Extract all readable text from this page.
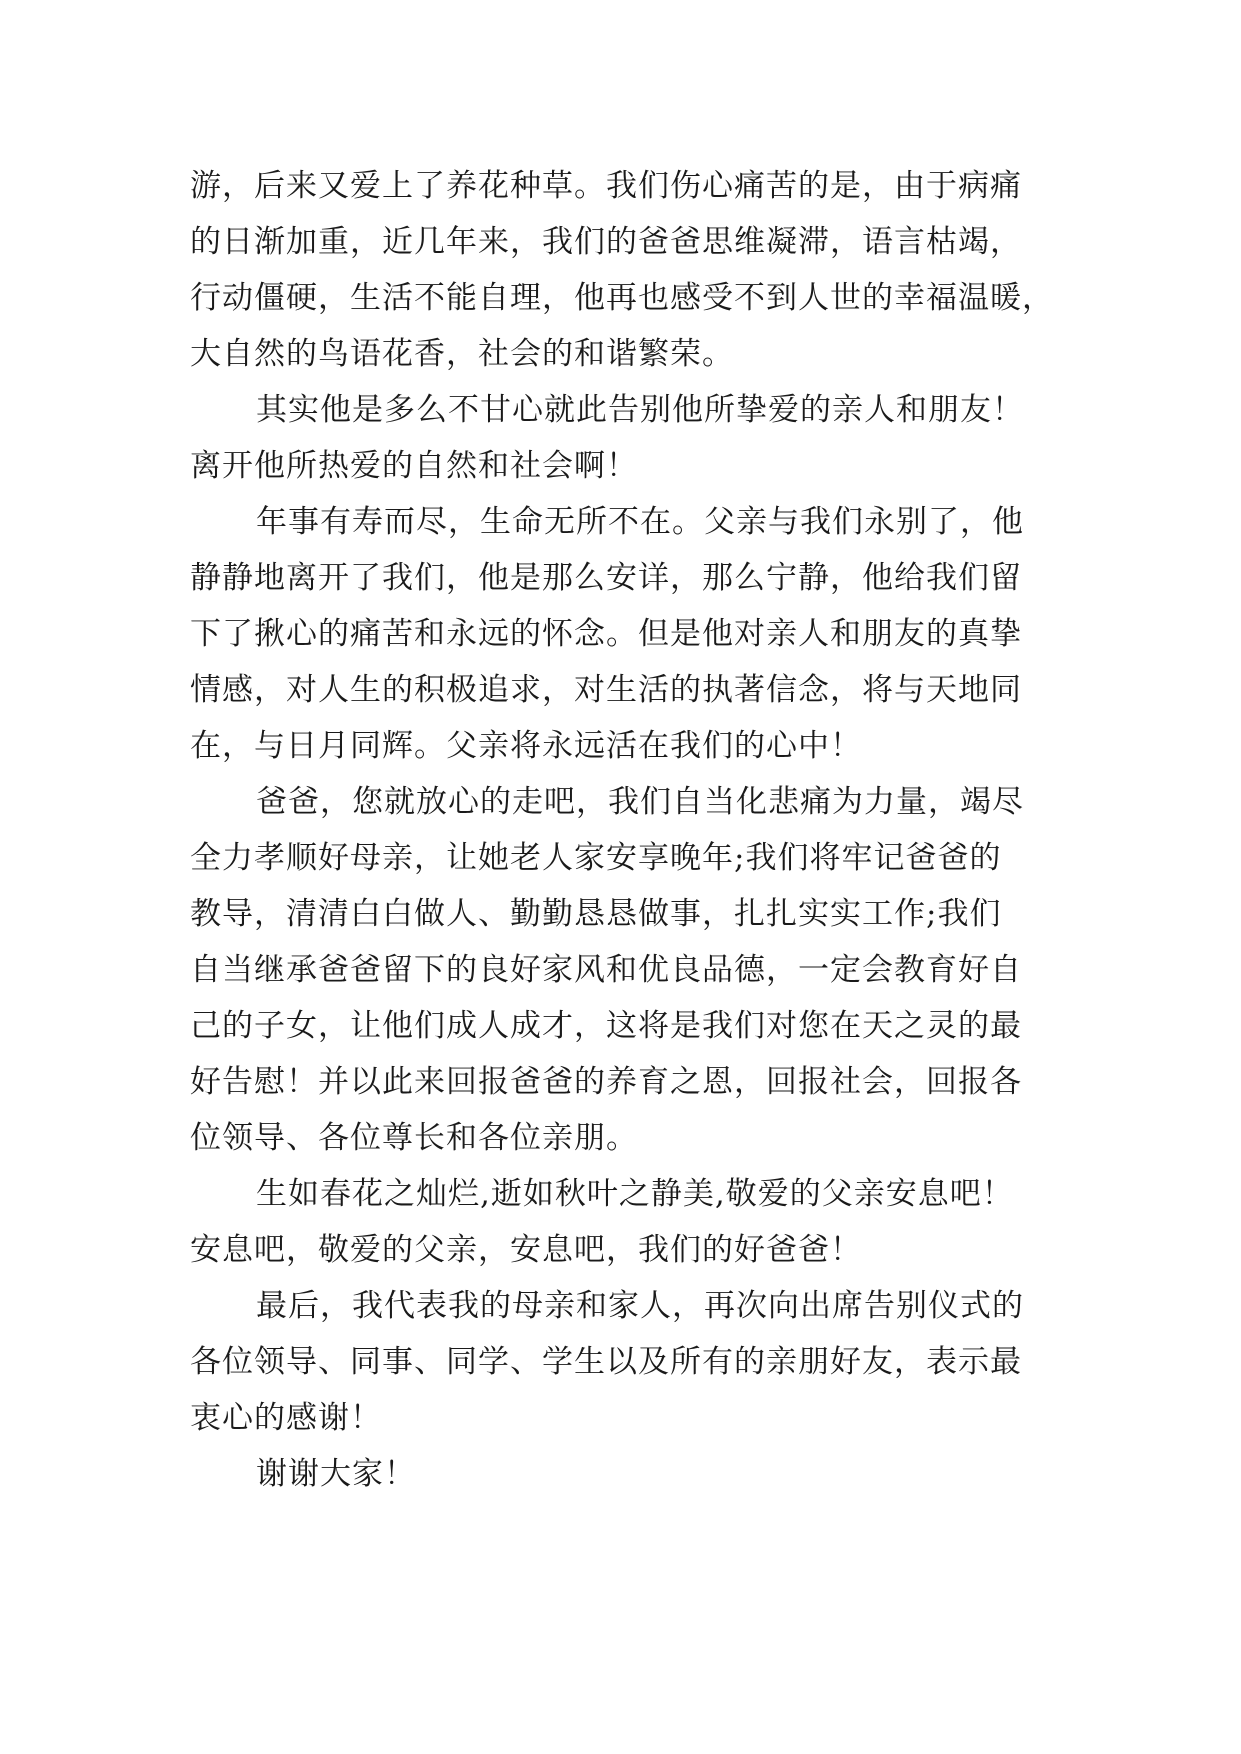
游，后来又爱上了养花种草。我们伤心痛苦的是，由于病痛
的日渐加重，近几年来，我们的爸爸思维凝滞，语言枯竭，
行动僵硬，生活不能自理，他再也感受不到人世的幸福温暖，
大自然的鸟语花香，社会的和谐繁荣。
其实他是多么不甘心就此告别他所挚爱的亲人和朋友！
离开他所热爱的自然和社会啊！
年事有寿而尽，生命无所不在。父亲与我们永别了，他
静静地离开了我们，他是那么安详，那么宁静，他给我们留
下了揪心的痛苦和永远的怀念。但是他对亲人和朋友的真挚
情感，对人生的积极追求，对生活的执著信念，将与天地同
在，与日月同辉。父亲将永远活在我们的心中！
爸爸，您就放心的走吧，我们自当化悲痛为力量，竭尽
全力孝顺好母亲，让她老人家安享晚年;我们将牢记爸爸的
教导，清清白白做人、勤勤恳恳做事，扎扎实实工作;我们
自当继承爸爸留下的良好家风和优良品德，一定会教育好自
己的子女，让他们成人成才，这将是我们对您在天之灵的最
好告慰！并以此来回报爸爸的养育之恩，回报社会，回报各
位领导、各位尊长和各位亲朋。
生如春花之灿烂,逝如秋叶之静美,敬爱的父亲安息吧！
安息吧，敬爱的父亲，安息吧，我们的好爸爸！
最后，我代表我的母亲和家人，再次向出席告别仪式的
各位领导、同事、同学、学生以及所有的亲朋好友，表示最
衷心的感谢！
谢谢大家！
